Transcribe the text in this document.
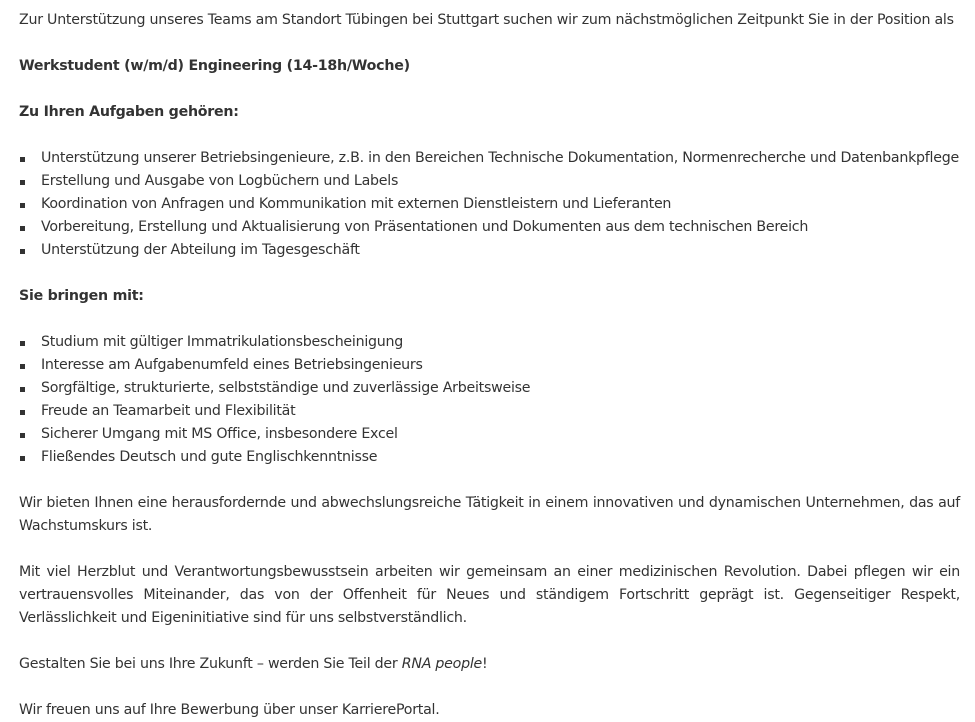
Zur Unterstützung unseres Teams am Standort Tübingen bei Stuttgart suchen wir zum nächstmöglichen Zeitpunkt Sie in der Position als

Werkstudent (w/m/d) Engineering (14-18h/Woche)

Zu Ihren Aufgaben gehören:

Unterstützung unserer Betriebsingenieure, z.B. in den Bereichen Technische Dokumentation, Normenrecherche und Datenbankpflege
Erstellung und Ausgabe von Logbüchern und Labels
Koordination von Anfragen und Kommunikation mit externen Dienstleistern und Lieferanten
Vorbereitung, Erstellung und Aktualisierung von Präsentationen und Dokumenten aus dem technischen Bereich
Unterstützung der Abteilung im Tagesgeschäft

Sie bringen mit:

Studium mit gültiger Immatrikulationsbescheinigung
Interesse am Aufgabenumfeld eines Betriebsingenieurs
Sorgfältige, strukturierte, selbstständige und zuverlässige Arbeitsweise
Freude an Teamarbeit und Flexibilität
Sicherer Umgang mit MS Office, insbesondere Excel
Fließendes Deutsch und gute Englischkenntnisse

Wir bieten Ihnen eine herausfordernde und abwechslungsreiche Tätigkeit in einem innovativen und dynamischen Unternehmen, das auf Wachstumskurs ist.

Mit viel Herzblut und Verantwortungsbewusstsein arbeiten wir gemeinsam an einer medizinischen Revolution. Dabei pflegen wir ein vertrauensvolles Miteinander, das von der Offenheit für Neues und ständigem Fortschritt geprägt ist. Gegenseitiger Respekt, Verlässlichkeit und Eigeninitiative sind für uns selbstverständlich.

Gestalten Sie bei uns Ihre Zukunft – werden Sie Teil der RNA people!

Wir freuen uns auf Ihre Bewerbung über unser KarrierePortal.
